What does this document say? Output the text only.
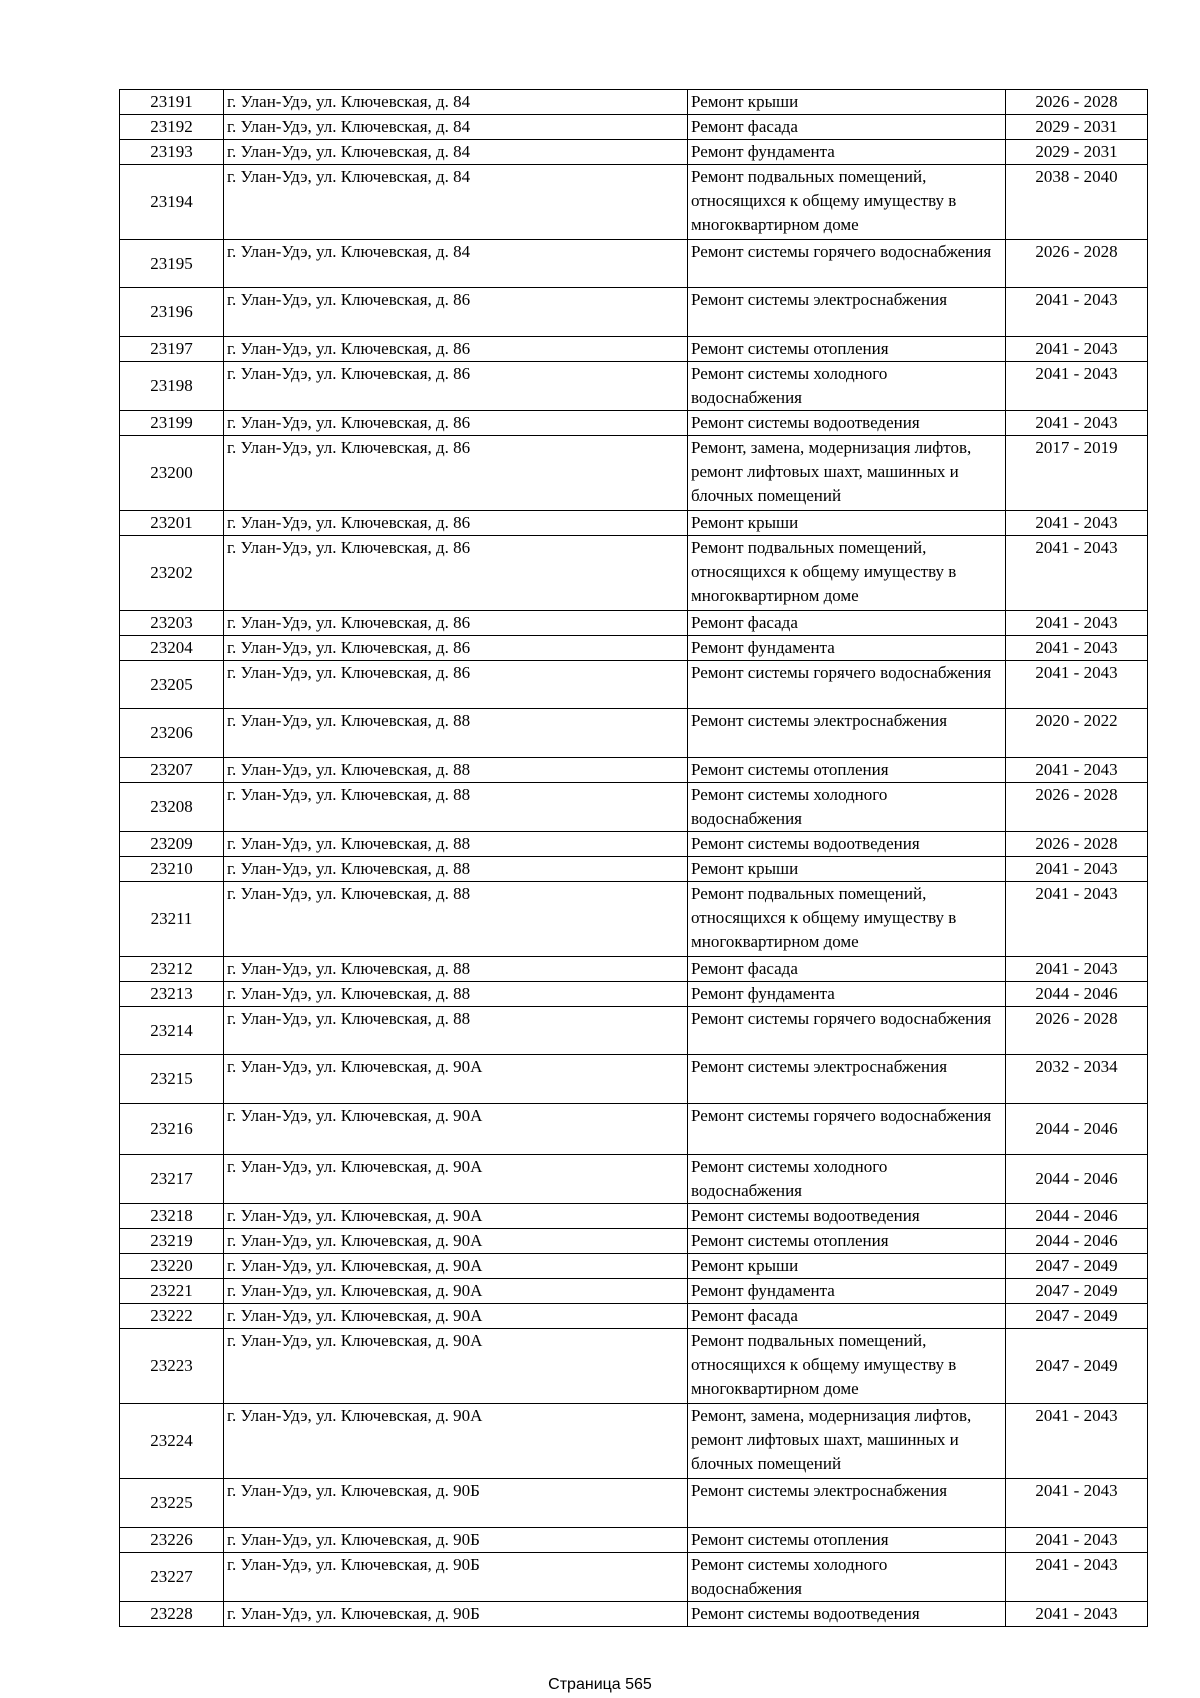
23191	г. Улан-Удэ, ул. Ключевская, д. 84	Ремонт крыши	2026 - 2028
23192	г. Улан-Удэ, ул. Ключевская, д. 84	Ремонт фасада	2029 - 2031
23193	г. Улан-Удэ, ул. Ключевская, д. 84	Ремонт фундамента	2029 - 2031
23194	г. Улан-Удэ, ул. Ключевская, д. 84	Ремонт подвальных помещений, относящихся к общему имуществу в многоквартирном доме	2038 - 2040
23195	г. Улан-Удэ, ул. Ключевская, д. 84	Ремонт системы горячего водоснабжения	2026 - 2028
23196	г. Улан-Удэ, ул. Ключевская, д. 86	Ремонт системы электроснабжения	2041 - 2043
23197	г. Улан-Удэ, ул. Ключевская, д. 86	Ремонт системы отопления	2041 - 2043
23198	г. Улан-Удэ, ул. Ключевская, д. 86	Ремонт системы холодного водоснабжения	2041 - 2043
23199	г. Улан-Удэ, ул. Ключевская, д. 86	Ремонт системы водоотведения	2041 - 2043
23200	г. Улан-Удэ, ул. Ключевская, д. 86	Ремонт, замена, модернизация лифтов, ремонт лифтовых шахт, машинных и блочных помещений	2017 - 2019
23201	г. Улан-Удэ, ул. Ключевская, д. 86	Ремонт крыши	2041 - 2043
23202	г. Улан-Удэ, ул. Ключевская, д. 86	Ремонт подвальных помещений, относящихся к общему имуществу в многоквартирном доме	2041 - 2043
23203	г. Улан-Удэ, ул. Ключевская, д. 86	Ремонт фасада	2041 - 2043
23204	г. Улан-Удэ, ул. Ключевская, д. 86	Ремонт фундамента	2041 - 2043
23205	г. Улан-Удэ, ул. Ключевская, д. 86	Ремонт системы горячего водоснабжения	2041 - 2043
23206	г. Улан-Удэ, ул. Ключевская, д. 88	Ремонт системы электроснабжения	2020 - 2022
23207	г. Улан-Удэ, ул. Ключевская, д. 88	Ремонт системы отопления	2041 - 2043
23208	г. Улан-Удэ, ул. Ключевская, д. 88	Ремонт системы холодного водоснабжения	2026 - 2028
23209	г. Улан-Удэ, ул. Ключевская, д. 88	Ремонт системы водоотведения	2026 - 2028
23210	г. Улан-Удэ, ул. Ключевская, д. 88	Ремонт крыши	2041 - 2043
23211	г. Улан-Удэ, ул. Ключевская, д. 88	Ремонт подвальных помещений, относящихся к общему имуществу в многоквартирном доме	2041 - 2043
23212	г. Улан-Удэ, ул. Ключевская, д. 88	Ремонт фасада	2041 - 2043
23213	г. Улан-Удэ, ул. Ключевская, д. 88	Ремонт фундамента	2044 - 2046
23214	г. Улан-Удэ, ул. Ключевская, д. 88	Ремонт системы горячего водоснабжения	2026 - 2028
23215	г. Улан-Удэ, ул. Ключевская, д. 90А	Ремонт системы электроснабжения	2032 - 2034
23216	г. Улан-Удэ, ул. Ключевская, д. 90А	Ремонт системы горячего водоснабжения	2044 - 2046
23217	г. Улан-Удэ, ул. Ключевская, д. 90А	Ремонт системы холодного водоснабжения	2044 - 2046
23218	г. Улан-Удэ, ул. Ключевская, д. 90А	Ремонт системы водоотведения	2044 - 2046
23219	г. Улан-Удэ, ул. Ключевская, д. 90А	Ремонт системы отопления	2044 - 2046
23220	г. Улан-Удэ, ул. Ключевская, д. 90А	Ремонт крыши	2047 - 2049
23221	г. Улан-Удэ, ул. Ключевская, д. 90А	Ремонт фундамента	2047 - 2049
23222	г. Улан-Удэ, ул. Ключевская, д. 90А	Ремонт фасада	2047 - 2049
23223	г. Улан-Удэ, ул. Ключевская, д. 90А	Ремонт подвальных помещений, относящихся к общему имуществу в многоквартирном доме	2047 - 2049
23224	г. Улан-Удэ, ул. Ключевская, д. 90А	Ремонт, замена, модернизация лифтов, ремонт лифтовых шахт, машинных и блочных помещений	2041 - 2043
23225	г. Улан-Удэ, ул. Ключевская, д. 90Б	Ремонт системы электроснабжения	2041 - 2043
23226	г. Улан-Удэ, ул. Ключевская, д. 90Б	Ремонт системы отопления	2041 - 2043
23227	г. Улан-Удэ, ул. Ключевская, д. 90Б	Ремонт системы холодного водоснабжения	2041 - 2043
23228	г. Улан-Удэ, ул. Ключевская, д. 90Б	Ремонт системы водоотведения	2041 - 2043
Страница 565
